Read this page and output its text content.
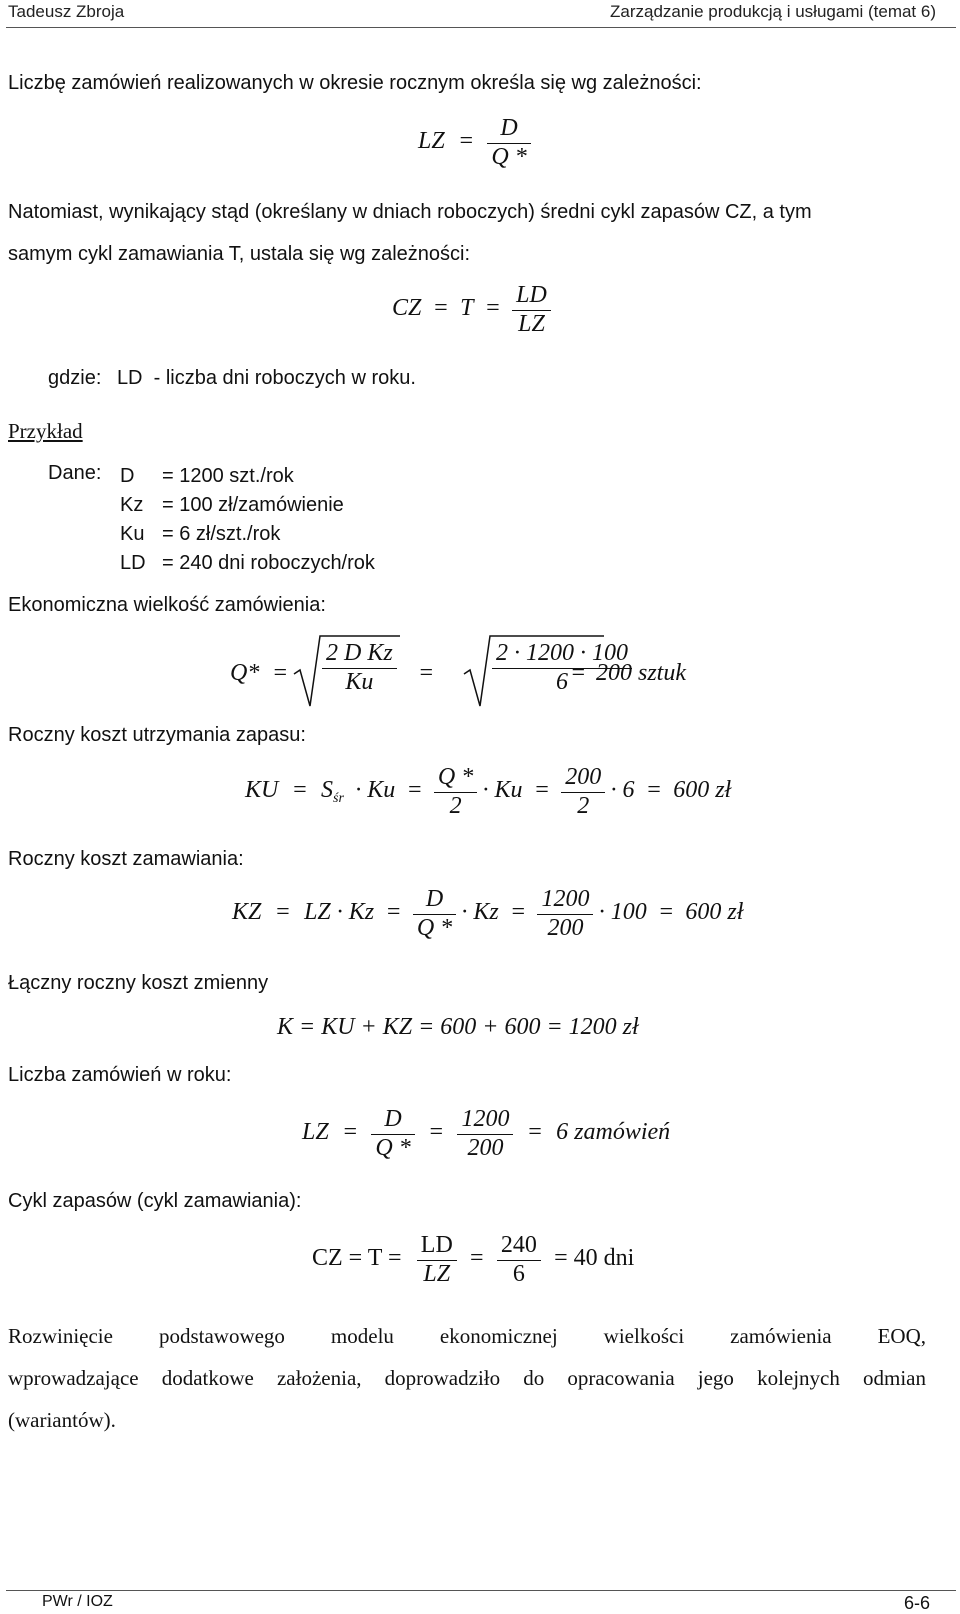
Tadeusz Zbroja	Zarządzanie produkcją i usługami (temat 6)
Liczbę zamówień realizowanych w okresie rocznym określa się wg zależności:
LZ = $\frac{D}{Q *}$
Natomiast, wynikający stąd (określany w dniach roboczych) średni cykl zapasów CZ, a tym
samym cykl zamawiania T, ustala się wg zależności:
CZ = $T = \frac{LD}{LZ}$
gdzie: LD  - liczba dni roboczych w roku.
Przykład
Dane: D = 1200 szt./rok
Kz = 100 zł/zamówienie
Ku = 6 zł/szt./rok
LD = 240 dni roboczych/rok
Ekonomiczna wielkość zamówienia:
$Q* = \frac{\text{2 D Kz}}{Ku} = \frac{2 \cdot 1200 \cdot 100}{6}$
= 200 sztuk
Roczny koszt utrzymania zapasu:
KU = $S_{śr} \cdot Ku = \frac{Q *}{2} \cdot Ku = \frac{200}{2} \cdot 6 = 600$ zł
Roczny koszt zamawiania:
KZ = LZ · $Kz = \frac{D}{Q *} \cdot Kz = \frac{1200}{200} \cdot 100 = 600$ zł
Łączny roczny koszt zmienny
K = KU + KZ = 600 + 600 = 1200 zł
Liczba zamówień w roku:
LZ = $\frac{D}{Q *} = \frac{1200}{200} = 6$ zamówień
Cykl zapasów (cykl zamawiania):
CZ = $T = \frac{LD}{LZ} = \frac{240}{6} = 40$ dni
Rozwinięcie podstawowego modelu ekonomicznej wielkości zamówienia EOQ,
wprowadzające dodatkowe założenia, doprowadziło do opracowania jego kolejnych odmian
(wariantów).
PWr / IOZ	6-6
